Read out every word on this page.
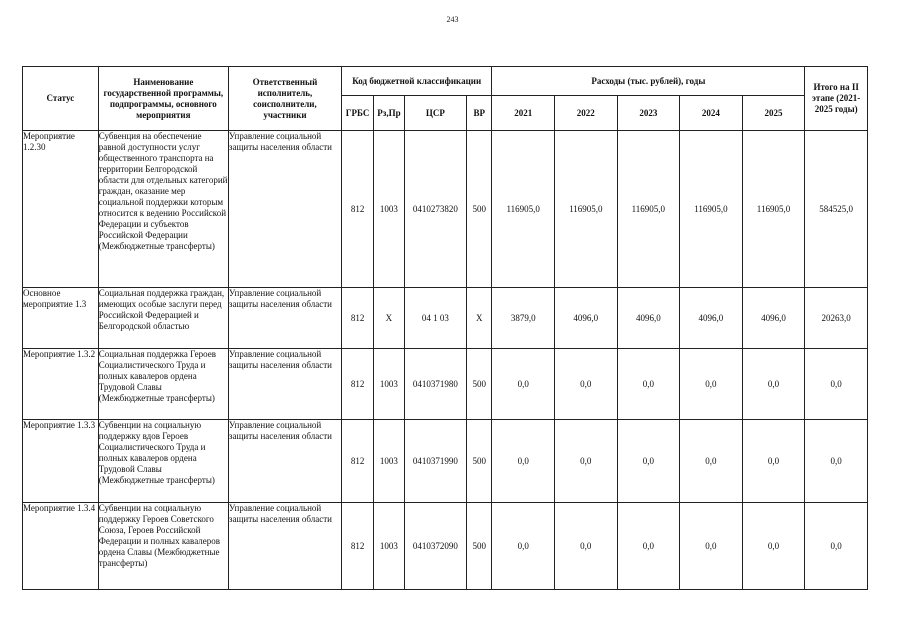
243
Статус	Наименование государственной программы, подпрограммы, основного мероприятия	Ответственный исполнитель, соисполнители, участники	Код бюджетной классификации				Расходы (тыс. рублей), годы					Итого на II этапе (2021-2025 годы)
			ГРБС	Рз,Пр	ЦСР	ВР	2021	2022	2023	2024	2025	
Мероприятие 1.2.30	Субвенция на обеспечение равной доступности услуг общественного транспорта на территории Белгородской области для отдельных категорий граждан, оказание мер социальной поддержки которым относится к ведению Российской Федерации и субъектов Российской Федерации (Межбюджетные трансферты)	Управление социальной защиты населения области	812	1003	0410273820	500	116905,0	116905,0	116905,0	116905,0	116905,0	584525,0
Основное мероприятие 1.3	Социальная поддержка граждан, имеющих особые заслуги перед Российской Федерацией и Белгородской областью	Управление социальной защиты населения области	812	Х	04 1 03	Х	3879,0	4096,0	4096,0	4096,0	4096,0	20263,0
Мероприятие 1.3.2	Социальная поддержка Героев Социалистического Труда и полных кавалеров ордена Трудовой Славы (Межбюджетные трансферты)	Управление социальной защиты населения области	812	1003	0410371980	500	0,0	0,0	0,0	0,0	0,0	0,0
Мероприятие 1.3.3	Субвенции на социальную поддержку вдов Героев Социалистического Труда и полных кавалеров ордена Трудовой Славы (Межбюджетные трансферты)	Управление социальной защиты населения области	812	1003	0410371990	500	0,0	0,0	0,0	0,0	0,0	0,0
Мероприятие 1.3.4	Субвенции на социальную поддержку Героев Советского Союза, Героев Российской Федерации и полных кавалеров ордена Славы (Межбюджетные трансферты)	Управление социальной защиты населения области	812	1003	0410372090	500	0,0	0,0	0,0	0,0	0,0	0,0
